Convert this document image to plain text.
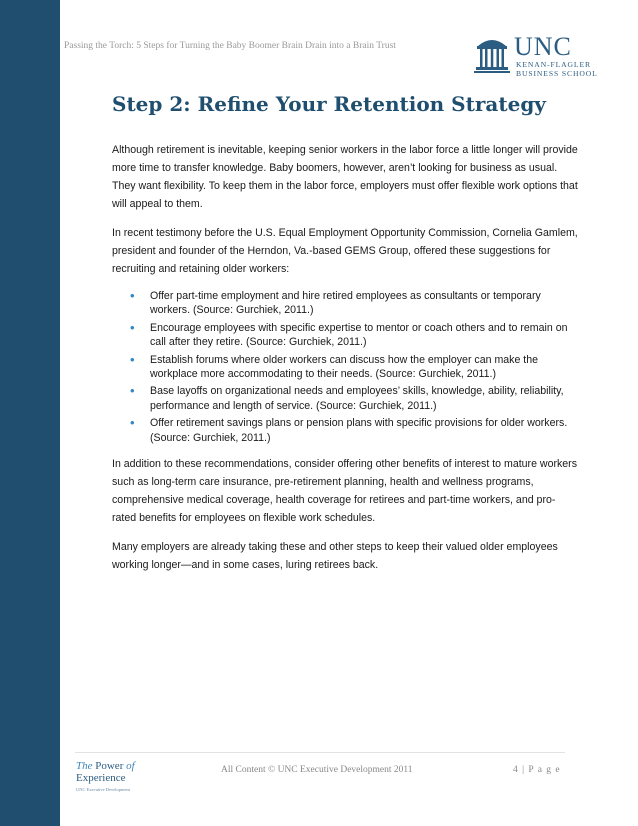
Passing the Torch: 5 Steps for Turning the Baby Boomer Brain Drain into a Brain Trust	UNC
KENAN-FLAGLER
BUSINESS SCHOOL
Step 2: Refine Your Retention Strategy

Although retirement is inevitable, keeping senior workers in the labor force a little longer will provide more time to transfer knowledge. Baby boomers, however, aren’t looking for business as usual. They want flexibility. To keep them in the labor force, employers must offer flexible work options that will appeal to them.

In recent testimony before the U.S. Equal Employment Opportunity Commission, Cornelia Gamlem, president and founder of the Herndon, Va.-based GEMS Group, offered these suggestions for recruiting and retaining older workers:

• Offer part-time employment and hire retired employees as consultants or temporary workers. (Source: Gurchiek, 2011.)
• Encourage employees with specific expertise to mentor or coach others and to remain on call after they retire. (Source: Gurchiek, 2011.)
• Establish forums where older workers can discuss how the employer can make the workplace more accommodating to their needs. (Source: Gurchiek, 2011.)
• Base layoffs on organizational needs and employees’ skills, knowledge, ability, reliability, performance and length of service. (Source: Gurchiek, 2011.)
• Offer retirement savings plans or pension plans with specific provisions for older workers. (Source: Gurchiek, 2011.)

In addition to these recommendations, consider offering other benefits of interest to mature workers such as long-term care insurance, pre-retirement planning, health and wellness programs, comprehensive medical coverage, health coverage for retirees and part-time workers, and pro-rated benefits for employees on flexible work schedules.

Many employers are already taking these and other steps to keep their valued older employees working longer—and in some cases, luring retirees back.

The Power of
Experience
UNC Executive Development
All Content © UNC Executive Development 2011	4 | P a g e
